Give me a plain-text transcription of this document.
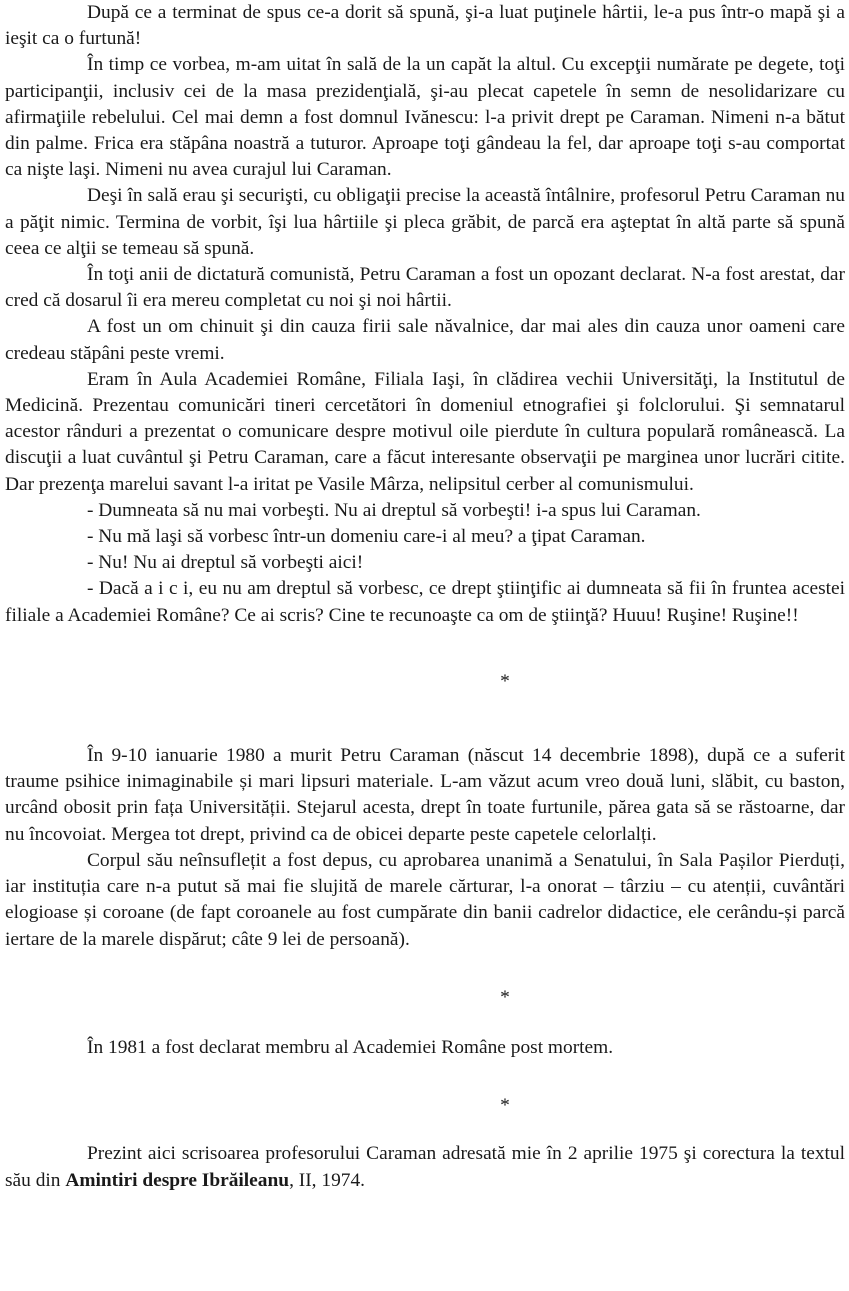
După ce a terminat de spus ce-a dorit să spună, şi-a luat puţinele hârtii, le-a pus într-o mapă şi a ieşit ca o furtună!

În timp ce vorbea, m-am uitat în sală de la un capăt la altul. Cu excepţii numărate pe degete, toţi participanţii, inclusiv cei de la masa prezidenţială, şi-au plecat capetele în semn de nesolidarizare cu afirmaţiile rebelului. Cel mai demn a fost domnul Ivănescu: l-a privit drept pe Caraman. Nimeni n-a bătut din palme. Frica era stăpâna noastră a tuturor. Aproape toţi gândeau la fel, dar aproape toţi s-au comportat ca nişte laşi. Nimeni nu avea curajul lui Caraman.

Deşi în sală erau şi securişti, cu obligaţii precise la această întâlnire, profesorul Petru Caraman nu a păţit nimic. Termina de vorbit, îşi lua hârtiile şi pleca grăbit, de parcă era aşteptat în altă parte să spună ceea ce alţii se temeau să spună.

În toţi anii de dictatură comunistă, Petru Caraman a fost un opozant declarat. N-a fost arestat, dar cred că dosarul îi era mereu completat cu noi şi noi hârtii.

A fost un om chinuit şi din cauza firii sale năvalnice, dar mai ales din cauza unor oameni care credeau stăpâni peste vremi.

Eram în Aula Academiei Române, Filiala Iaşi, în clădirea vechii Universităţi, la Institutul de Medicină. Prezentau comunicări tineri cercetători în domeniul etnografiei şi folclorului. Şi semnatarul acestor rânduri a prezentat o comunicare despre motivul oile pierdute în cultura populară românească. La discuţii a luat cuvântul şi Petru Caraman, care a făcut interesante observaţii pe marginea unor lucrări citite. Dar prezenţa marelui savant l-a iritat pe Vasile Mârza, nelipsitul cerber al comunismului.

- Dumneata să nu mai vorbeşti. Nu ai dreptul să vorbeşti! i-a spus lui Caraman.

- Nu mă laşi să vorbesc într-un domeniu care-i al meu? a ţipat Caraman.

- Nu! Nu ai dreptul să vorbeşti aici!

- Dacă a i c i, eu nu am dreptul să vorbesc, ce drept ştiinţific ai dumneata să fii în fruntea acestei filiale a Academiei Române? Ce ai scris? Cine te recunoaşte ca om de ştiinţă? Huuu! Ruşine! Ruşine!!

*

În 9-10 ianuarie 1980 a murit Petru Caraman (născut 14 decembrie 1898), după ce a suferit traume psihice inimaginabile și mari lipsuri materiale. L-am văzut acum vreo două luni, slăbit, cu baston, urcând obosit prin fața Universității. Stejarul acesta, drept în toate furtunile, părea gata să se răstoarne, dar nu încovoiat. Mergea tot drept, privind ca de obicei departe peste capetele celorlalți.

Corpul său neînsuflețit a fost depus, cu aprobarea unanimă a Senatului, în Sala Pașilor Pierduți, iar instituția care n-a putut să mai fie slujită de marele cărturar, l-a onorat – târziu – cu atenții, cuvântări elogioase și coroane (de fapt coroanele au fost cumpărate din banii cadrelor didactice, ele cerându-și parcă iertare de la marele dispărut; câte 9 lei de persoană).

*

În 1981 a fost declarat membru al Academiei Române post mortem.

*

Prezint aici scrisoarea profesorului Caraman adresată mie în 2 aprilie 1975 şi corectura la textul său din Amintiri despre Ibrăileanu, II, 1974.
